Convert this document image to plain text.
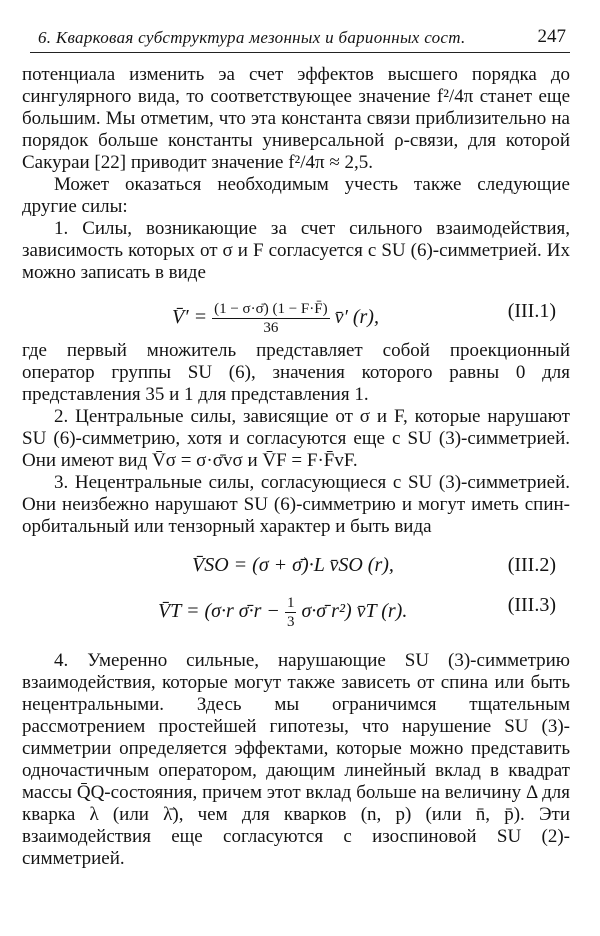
6. Кварковая субструктура мезонных и барионных сост.	247

потенциала изменить эа счет эффектов высшего порядка до сингулярного вида, то соответствующее значение f²/4π станет еще большим. Мы отметим, что эта константа связи приблизительно на порядок больше константы универсальной ρ-связи, для которой Сакураи [22] приводит значение f²/4π ≈ 2,5.

Может оказаться необходимым учесть также следующие другие силы:

1. Силы, возникающие за счет сильного взаимодействия, зависимость которых от σ и F согласуется с SU (6)-симметрией. Их можно записать в виде

V̄′ = $\frac{(1 - \sigma\cdot\sigmā) (1 - F\cdot F̄)}{36}$ v̄′ (r),	(III.1)

где первый множитель представляет собой проекционный оператор группы SU (6), значения которого равны 0 для представления 35 и 1 для представления 1.

2. Центральные силы, зависящие от σ и F, которые нарушают SU (6)-симметрию, хотя и согласуются еще с SU (3)-симметрией. Они имеют вид V̄σ = σ·σ̄vσ и V̄F = F·F̄vF.

3. Нецентральные силы, согласующиеся с SU (3)-симметрией. Они неизбежно нарушают SU (6)-симметрию и могут иметь спин-орбитальный или тензорный характер и быть вида

V̄SO = (σ + σ̄)·L v̄SO (r),	(III.2)
V̄T = (σ·r σ̄·r − $\frac{1}{3}$ σ·σ̄ r²) v̄T (r).	(III.3)

4. Умеренно сильные, нарушающие SU (3)-симметрию взаимодействия, которые могут также зависеть от спина или быть нецентральными. Здесь мы ограничимся тщательным рассмотрением простейшей гипотезы, что нарушение SU (3)-симметрии определяется эффектами, которые можно представить одночастичным оператором, дающим линейный вклад в квадрат массы Q̄Q-состояния, причем этот вклад больше на величину Δ для кварка λ (или λ̄), чем для кварков (n, p) (или n̄, p̄). Эти взаимодействия еще согласуются с изоспиновой SU (2)-симметрией.
